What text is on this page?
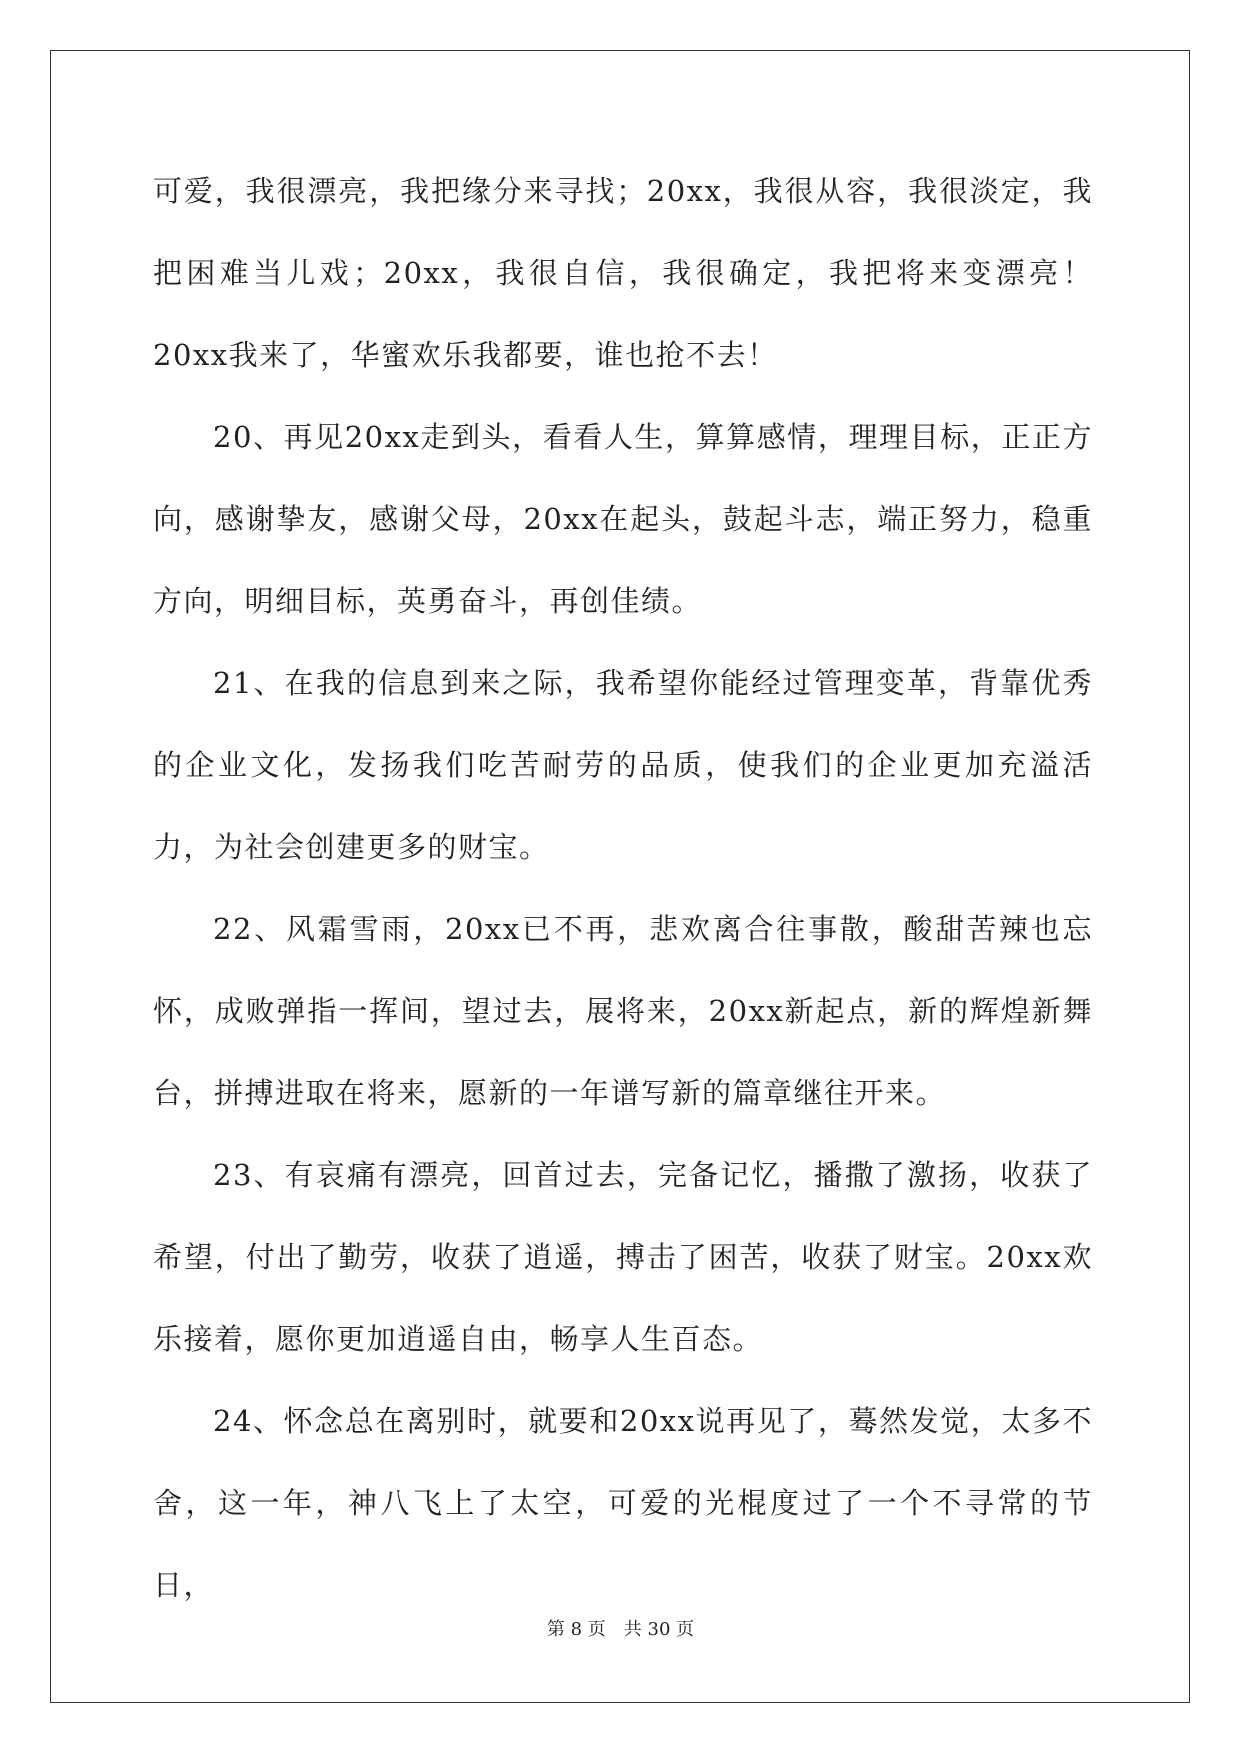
可爱，我很漂亮，我把缘分来寻找；20xx，我很从容，我很淡定，我把困难当儿戏；20xx，我很自信，我很确定，我把将来变漂亮！20xx我来了，华蜜欢乐我都要，谁也抢不去！

20、再见20xx走到头，看看人生，算算感情，理理目标，正正方向，感谢挚友，感谢父母，20xx在起头，鼓起斗志，端正努力，稳重方向，明细目标，英勇奋斗，再创佳绩。

21、在我的信息到来之际，我希望你能经过管理变革，背靠优秀的企业文化，发扬我们吃苦耐劳的品质，使我们的企业更加充溢活力，为社会创建更多的财宝。

22、风霜雪雨，20xx已不再，悲欢离合往事散，酸甜苦辣也忘怀，成败弹指一挥间，望过去，展将来，20xx新起点，新的辉煌新舞台，拼搏进取在将来，愿新的一年谱写新的篇章继往开来。

23、有哀痛有漂亮，回首过去，完备记忆，播撒了激扬，收获了希望，付出了勤劳，收获了逍遥，搏击了困苦，收获了财宝。20xx欢乐接着，愿你更加逍遥自由，畅享人生百态。

24、怀念总在离别时，就要和20xx说再见了，蓦然发觉，太多不舍，这一年，神八飞上了太空，可爱的光棍度过了一个不寻常的节日，

第 8 页　共 30 页
